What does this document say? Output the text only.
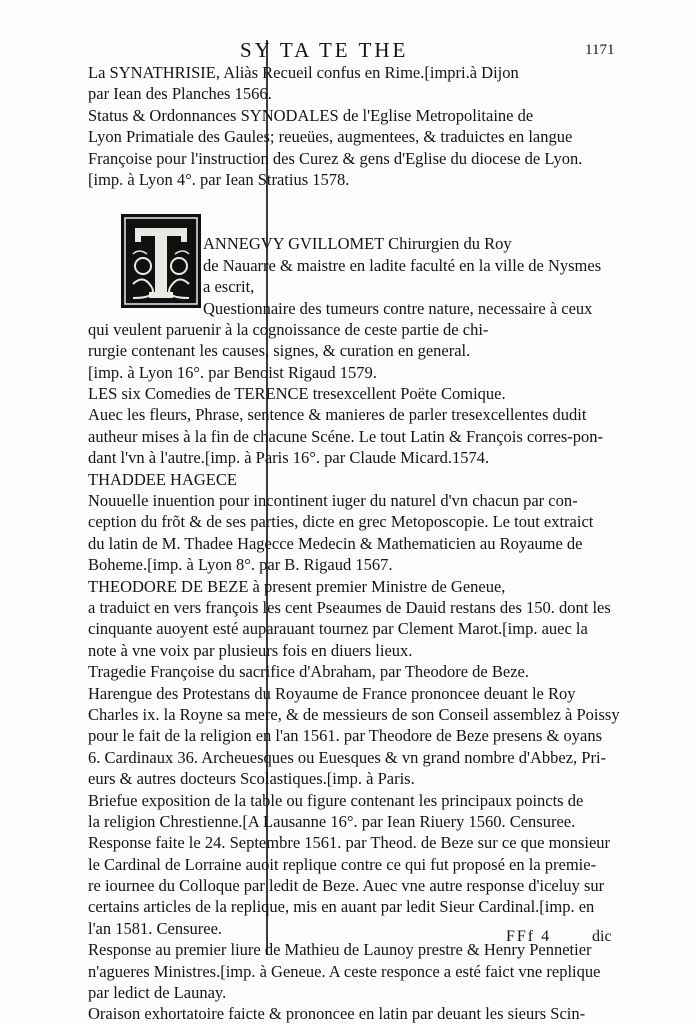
SY TA TE THE	1171
La SYNATHRISIE, Aliàs Recueil confus en Rime.[impri.à Dijon
par Iean des Planches 1566.
Status & Ordonnances SYNODALES de l'Eglise Metropolitaine de
Lyon Primatiale des Gaules; reueües, augmentees, & traduictes en langue
Françoise pour l'instruction des Curez & gens d'Eglise du diocese de Lyon.
[imp. à Lyon 4°. par Iean Stratius 1578.
ANNEGVY GVILLOMET Chirurgien du Roy
de Nauarre & maistre en ladite faculté en la ville de Nysmes
a escrit,
Questionnaire des tumeurs contre nature, necessaire à ceux
qui veulent paruenir à la cognoissance de ceste partie de chi-
rurgie contenant les causes, signes, & curation en general.
[imp. à Lyon 16°. par Benoist Rigaud 1579.
LES six Comedies de TERENCE tresexcellent Poëte Comique.
Auec les fleurs, Phrase, sentence & manieres de parler tresexcellentes dudit
autheur mises à la fin de chacune Scéne. Le tout Latin & François corres-pon-
dant l'vn à l'autre.[imp. à Paris 16°. par Claude Micard.1574.
THADDEE HAGECE
Nouuelle inuention pour incontinent iuger du naturel d'vn chacun par con-
ception du frõt & de ses parties, dicte en grec Metoposcopie. Le tout extraict
du latin de M. Thadee Hagecce Medecin & Mathematicien au Royaume de
Boheme.[imp. à Lyon 8°. par B. Rigaud 1567.
THEODORE DE BEZE à present premier Ministre de Geneue,
a traduict en vers françois les cent Pseaumes de Dauid restans des 150. dont les
cinquante auoyent esté auparauant tournez par Clement Marot.[imp. auec la
note à vne voix par plusieurs fois en diuers lieux.
Tragedie Françoise du sacrifice d'Abraham, par Theodore de Beze.
Harengue des Protestans du Royaume de France prononcee deuant le Roy
Charles ix. la Royne sa mere, & de messieurs de son Conseil assemblez à Poissy
pour le fait de la religion en l'an 1561. par Theodore de Beze presens & oyans
6. Cardinaux 36. Archeuesques ou Euesques & vn grand nombre d'Abbez, Pri-
eurs & autres docteurs Scolastiques.[imp. à Paris.
Briefue exposition de la table ou figure contenant les principaux poincts de
la religion Chrestienne.[A Lausanne 16°. par Iean Riuery 1560. Censuree.
Response faite le 24. Septembre 1561. par Theod. de Beze sur ce que monsieur
le Cardinal de Lorraine auoit replique contre ce qui fut proposé en la premie-
re iournee du Colloque par ledit de Beze. Auec vne autre response d'iceluy sur
certains articles de la replique, mis en auant par ledit Sieur Cardinal.[imp. en
l'an 1581. Censuree.
Response au premier liure de Mathieu de Launoy prestre & Henry Pennetier
n'agueres Ministres.[imp. à Geneue. A ceste responce a esté faict vne replique
par ledict de Launay.
Oraison exhortatoire faicte & prononcee en latin par deuant les sieurs Scin-
FFf 4	dic
